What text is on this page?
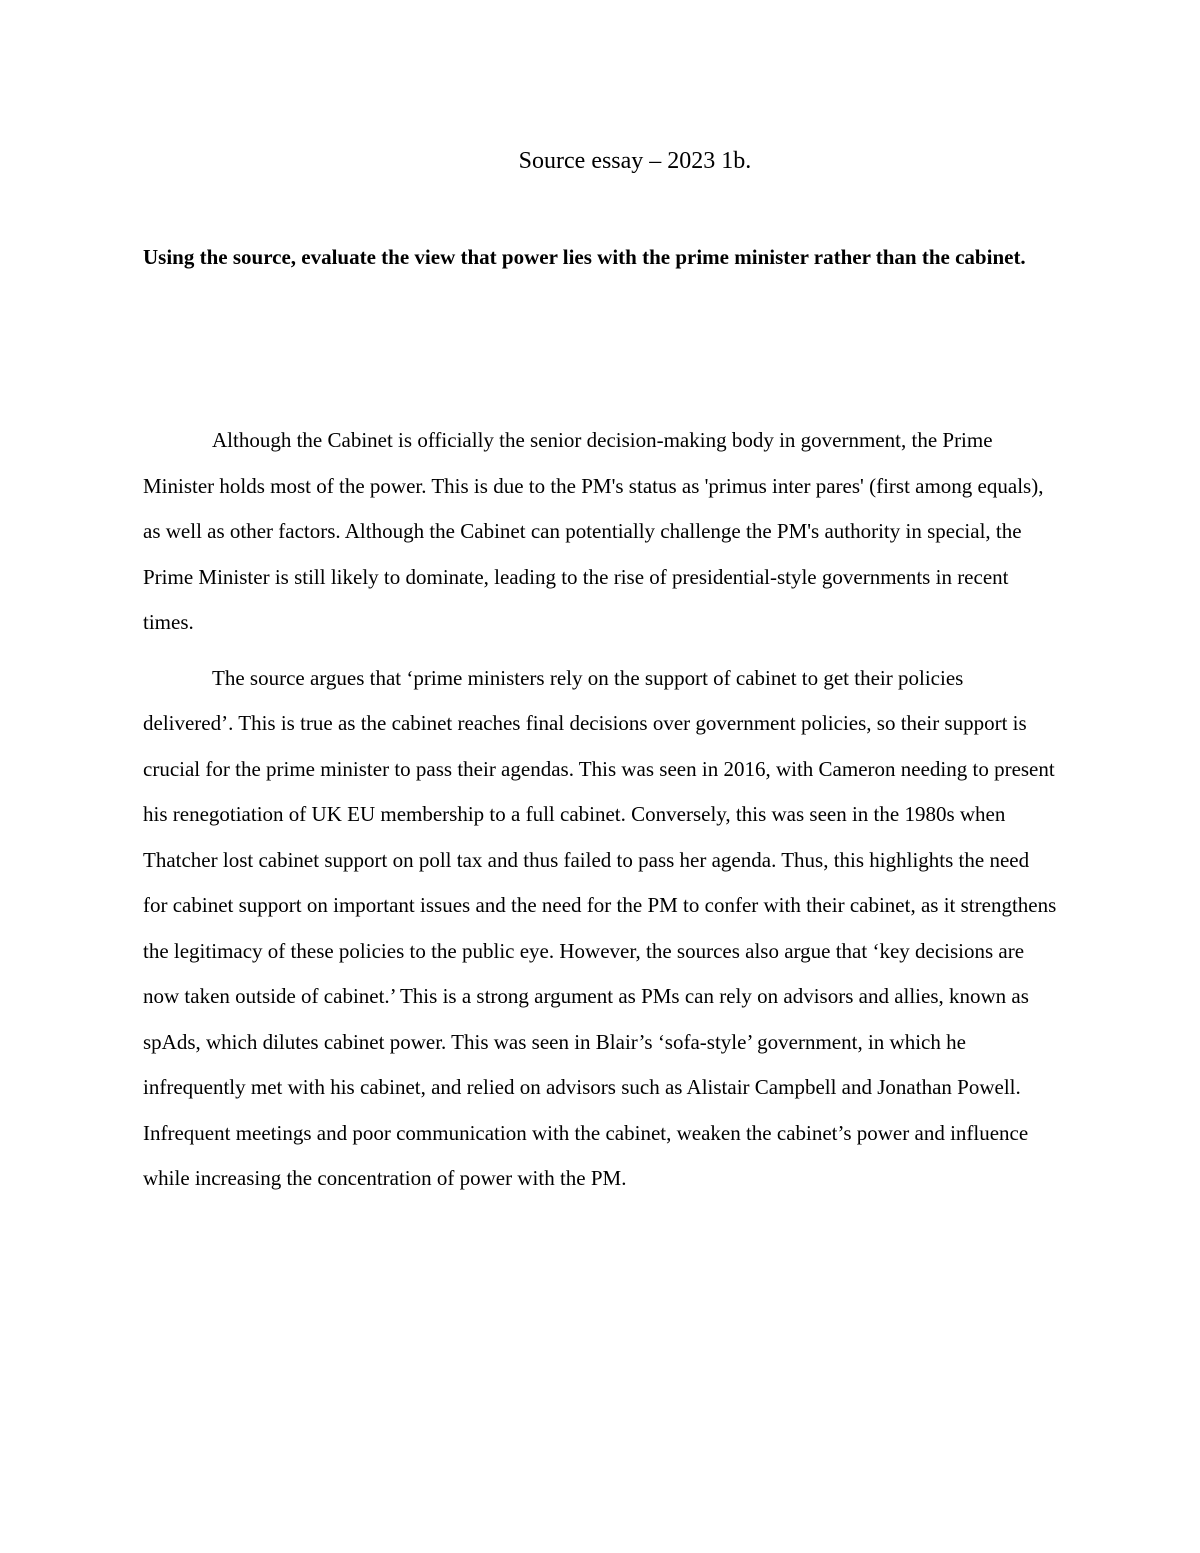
Source essay – 2023 1b.

Using the source, evaluate the view that power lies with the prime minister rather than the cabinet.

Although the Cabinet is officially the senior decision-making body in government, the Prime Minister holds most of the power. This is due to the PM's status as 'primus inter pares' (first among equals), as well as other factors. Although the Cabinet can potentially challenge the PM's authority in special, the Prime Minister is still likely to dominate, leading to the rise of presidential-style governments in recent times.

The source argues that ‘prime ministers rely on the support of cabinet to get their policies delivered’. This is true as the cabinet reaches final decisions over government policies, so their support is crucial for the prime minister to pass their agendas. This was seen in 2016, with Cameron needing to present his renegotiation of UK EU membership to a full cabinet. Conversely, this was seen in the 1980s when Thatcher lost cabinet support on poll tax and thus failed to pass her agenda. Thus, this highlights the need for cabinet support on important issues and the need for the PM to confer with their cabinet, as it strengthens the legitimacy of these policies to the public eye. However, the sources also argue that ‘key decisions are now taken outside of cabinet.’ This is a strong argument as PMs can rely on advisors and allies, known as spAds, which dilutes cabinet power. This was seen in Blair’s ‘sofa-style’ government, in which he infrequently met with his cabinet, and relied on advisors such as Alistair Campbell and Jonathan Powell. Infrequent meetings and poor communication with the cabinet, weaken the cabinet’s power and influence while increasing the concentration of power with the PM.
